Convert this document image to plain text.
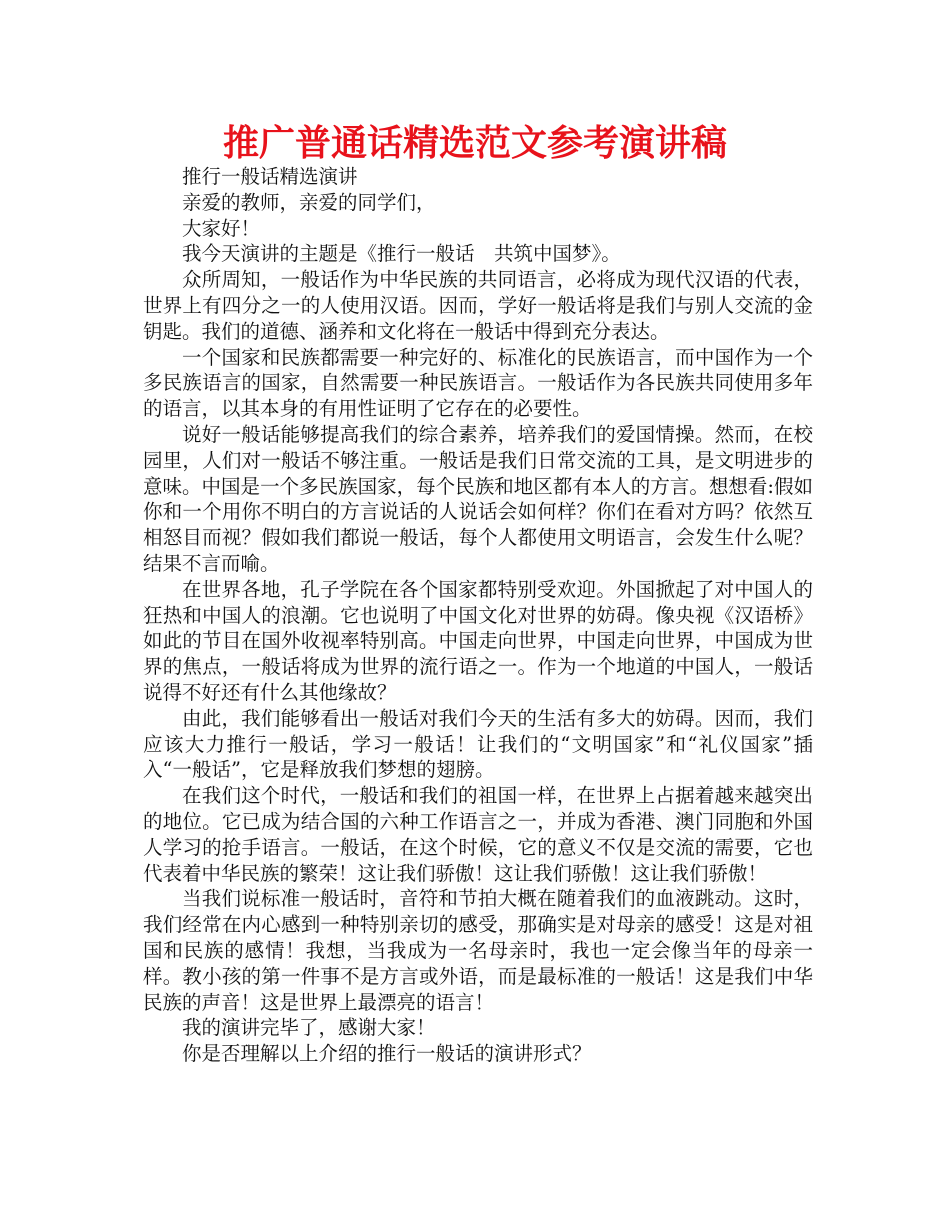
推广普通话精选范文参考演讲稿

推行一般话精选演讲

亲爱的教师，亲爱的同学们，

大家好！

我今天演讲的主题是《推行一般话　共筑中国梦》。

众所周知，一般话作为中华民族的共同语言，必将成为现代汉语的代表，世界上有四分之一的人使用汉语。因而，学好一般话将是我们与别人交流的金钥匙。我们的道德、涵养和文化将在一般话中得到充分表达。

一个国家和民族都需要一种完好的、标准化的民族语言，而中国作为一个多民族语言的国家，自然需要一种民族语言。一般话作为各民族共同使用多年的语言，以其本身的有用性证明了它存在的必要性。

说好一般话能够提高我们的综合素养，培养我们的爱国情操。然而，在校园里，人们对一般话不够注重。一般话是我们日常交流的工具，是文明进步的意味。中国是一个多民族国家，每个民族和地区都有本人的方言。想想看:假如你和一个用你不明白的方言说话的人说话会如何样？你们在看对方吗？依然互相怒目而视？假如我们都说一般话，每个人都使用文明语言，会发生什么呢？结果不言而喻。

在世界各地，孔子学院在各个国家都特别受欢迎。外国掀起了对中国人的狂热和中国人的浪潮。它也说明了中国文化对世界的妨碍。像央视《汉语桥》如此的节目在国外收视率特别高。中国走向世界，中国走向世界，中国成为世界的焦点，一般话将成为世界的流行语之一。作为一个地道的中国人，一般话说得不好还有什么其他缘故？

由此，我们能够看出一般话对我们今天的生活有多大的妨碍。因而，我们应该大力推行一般话，学习一般话！让我们的“文明国家”和“礼仪国家”插入“一般话”，它是释放我们梦想的翅膀。

在我们这个时代，一般话和我们的祖国一样，在世界上占据着越来越突出的地位。它已成为结合国的六种工作语言之一，并成为香港、澳门同胞和外国人学习的抢手语言。一般话，在这个时候，它的意义不仅是交流的需要，它也代表着中华民族的繁荣！这让我们骄傲！这让我们骄傲！这让我们骄傲！

当我们说标准一般话时，音符和节拍大概在随着我们的血液跳动。这时，我们经常在内心感到一种特别亲切的感受，那确实是对母亲的感受！这是对祖国和民族的感情！我想，当我成为一名母亲时，我也一定会像当年的母亲一样。教小孩的第一件事不是方言或外语，而是最标准的一般话！这是我们中华民族的声音！这是世界上最漂亮的语言！

我的演讲完毕了，感谢大家！

你是否理解以上介绍的推行一般话的演讲形式？
